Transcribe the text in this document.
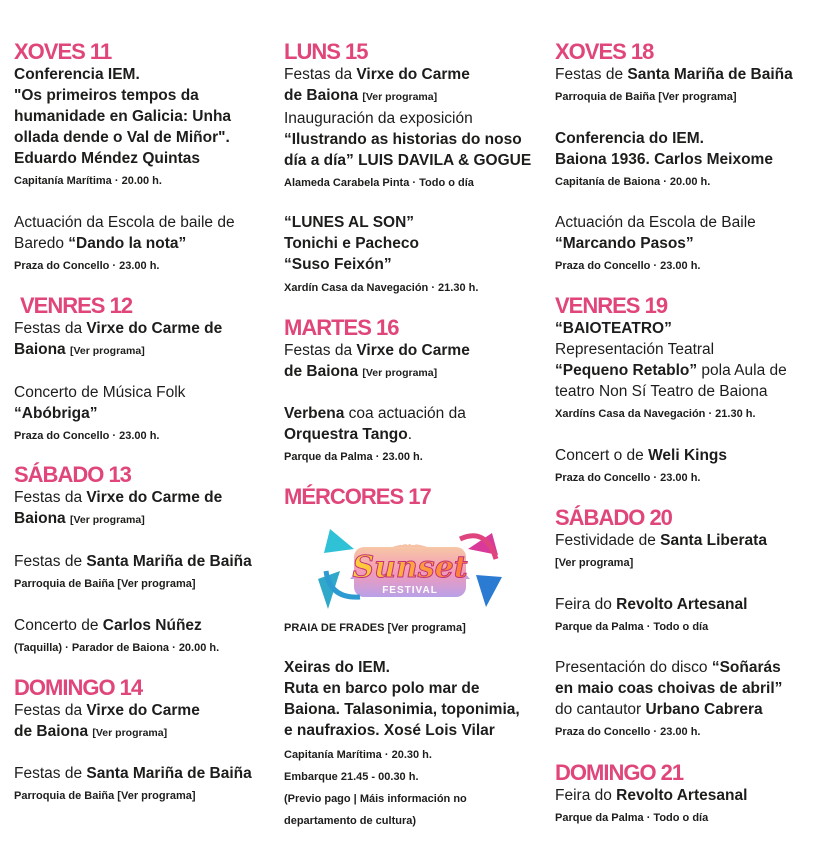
XOVES 11
Conferencia IEM.
"Os primeiros tempos da
humanidade en Galicia: Unha
ollada dende o Val de Miñor".
Eduardo Méndez Quintas
Capitanía Marítima · 20.00 h.
Actuación da Escola de baile de
Baredo “Dando la nota”
Praza do Concello · 23.00 h.
VENRES 12
Festas da Virxe do Carme de
Baiona [Ver programa]
Concerto de Música Folk
“Abóbriga”
Praza do Concello · 23.00 h.
SÁBADO 13
Festas da Virxe do Carme de
Baiona [Ver programa]
Festas de Santa Mariña de Baiña
Parroquia de Baiña [Ver programa]
Concerto de Carlos Núñez
(Taquilla) · Parador de Baiona · 20.00 h.
DOMINGO 14
Festas da Virxe do Carme
de Baiona [Ver programa]
Festas de Santa Mariña de Baiña
Parroquia de Baiña [Ver programa]
LUNS 15
Festas da Virxe do Carme
de Baiona [Ver programa]
Inauguración da exposición
“Ilustrando as historias do noso
día a día” LUIS DAVILA & GOGUE
Alameda Carabela Pinta · Todo o día
“LUNES AL SON”
Tonichi e Pacheco
“Suso Feixón”
Xardín Casa da Navegación · 21.30 h.
MARTES 16
Festas da Virxe do Carme
de Baiona [Ver programa]
Verbena coa actuación da
Orquestra Tango.
Parque da Palma · 23.00 h.
MÉRCORES 17
FRADES
Sunset
FESTIVAL
PRAIA DE FRADES [Ver programa]
Xeiras do IEM.
Ruta en barco polo mar de
Baiona. Talasonimia, toponimia,
e naufraxios. Xosé Lois Vilar
Capitanía Marítima · 20.30 h.
Embarque 21.45 - 00.30 h.
(Previo pago | Máis información no
departamento de cultura)
XOVES 18
Festas de Santa Mariña de Baiña
Parroquia de Baiña [Ver programa]
Conferencia do IEM.
Baiona 1936. Carlos Meixome
Capitanía de Baiona · 20.00 h.
Actuación da Escola de Baile
“Marcando Pasos”
Praza do Concello · 23.00 h.
VENRES 19
“BAIOTEATRO”
Representación Teatral
“Pequeno Retablo” pola Aula de
teatro Non Sí Teatro de Baiona
Xardíns Casa da Navegación · 21.30 h.
Concert o de Weli Kings
Praza do Concello · 23.00 h.
SÁBADO 20
Festividade de Santa Liberata
[Ver programa]
Feira do Revolto Artesanal
Parque da Palma · Todo o día
Presentación do disco “Soñarás
en maio coas choivas de abril”
do cantautor Urbano Cabrera
Praza do Concello · 23.00 h.
DOMINGO 21
Feira do Revolto Artesanal
Parque da Palma · Todo o día
